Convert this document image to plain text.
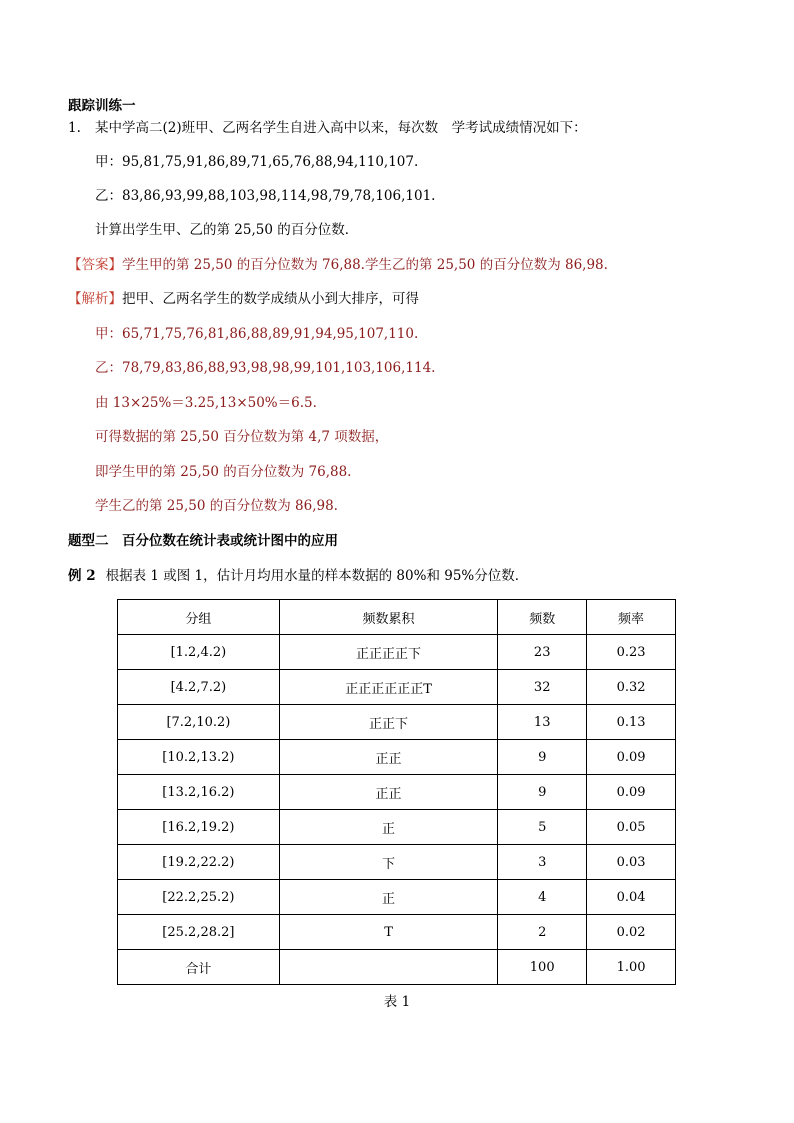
跟踪训练一
1. 某中学高二(2)班甲、乙两名学生自进入高中以来，每次数　学考试成绩情况如下：
甲：95,81,75,91,86,89,71,65,76,88,94,110,107.
乙：83,86,93,99,88,103,98,114,98,79,78,106,101.
计算出学生甲、乙的第 25,50 的百分位数．
【答案】学生甲的第 25,50 的百分位数为 76,88.学生乙的第 25,50 的百分位数为 86,98.
【解析】把甲、乙两名学生的数学成绩从小到大排序，可得
甲：65,71,75,76,81,86,88,89,91,94,95,107,110.
乙：78,79,83,86,88,93,98,98,99,101,103,106,114.
由 13×25%＝3.25,13×50%＝6.5.
可得数据的第 25,50 百分位数为第 4,7 项数据，
即学生甲的第 25,50 的百分位数为 76,88.
学生乙的第 25,50 的百分位数为 86,98.
题型二　百分位数在统计表或统计图中的应用
例 2 根据表 1 或图 1，估计月均用水量的样本数据的 80%和 95%分位数．
分组	频数累积	频数	频率
[1.2,4.2)	正正正正下	23	0.23
[4.2,7.2)	正正正正正正T	32	0.32
[7.2,10.2)	正正下	13	0.13
[10.2,13.2)	正正	9	0.09
[13.2,16.2)	正正	9	0.09
[16.2,19.2)	正	5	0.05
[19.2,22.2)	下	3	0.03
[22.2,25.2)	正	4	0.04
[25.2,28.2]	T	2	0.02
合计		100	1.00
表 1
